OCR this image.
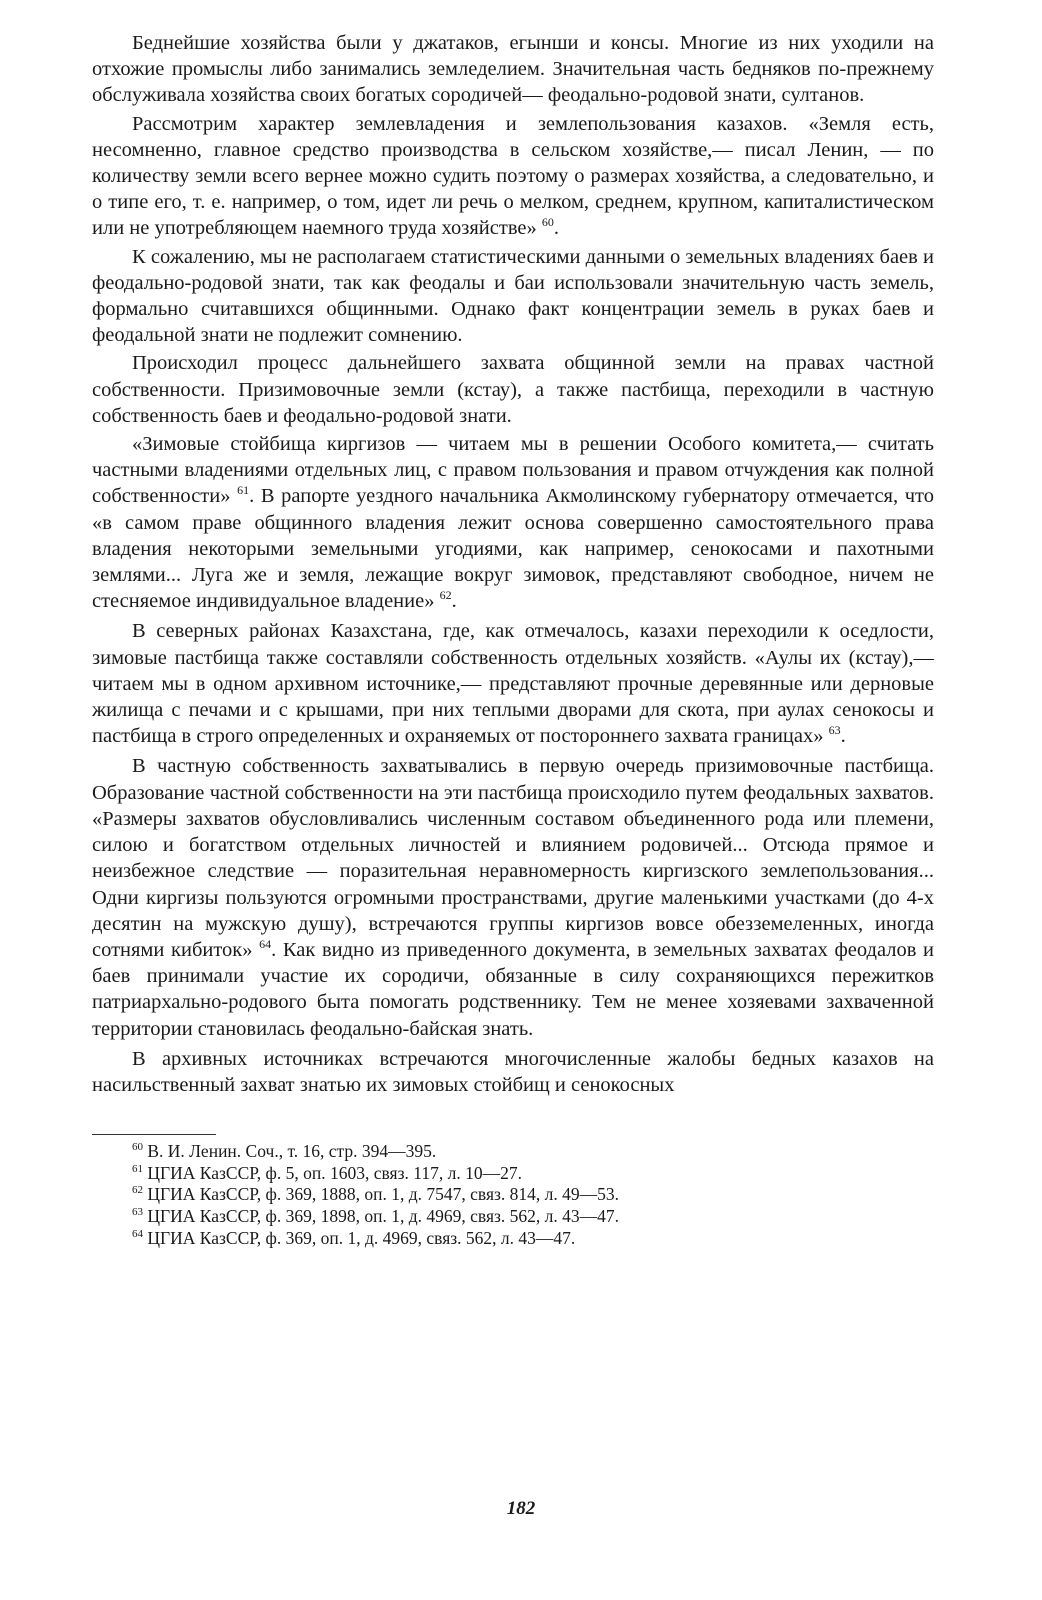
Беднейшие хозяйства были у джатаков, егынши и консы. Многие из них уходили на отхожие промыслы либо занимались земледелием. Значительная часть бедняков по-прежнему обслуживала хозяйства своих богатых сородичей— феодально-родовой знати, султанов.

Рассмотрим характер землевладения и землепользования казахов. «Земля есть, несомненно, главное средство производства в сельском хозяйстве,— писал Ленин, — по количеству земли всего вернее можно судить поэтому о размерах хозяйства, а следовательно, и о типе его, т. е. например, о том, идет ли речь о мелком, среднем, крупном, капиталистическом или не употребляющем наемного труда хозяйстве» $^{60}$.

К сожалению, мы не располагаем статистическими данными о земельных владениях баев и феодально-родовой знати, так как феодалы и баи использовали значительную часть земель, формально считавшихся общинными. Однако факт концентрации земель в руках баев и феодальной знати не подлежит сомнению.

Происходил процесс дальнейшего захвата общинной земли на правах частной собственности. Призимовочные земли (кстау), а также пастбища, переходили в частную собственность баев и феодально-родовой знати.

«Зимовые стойбища киргизов — читаем мы в решении Особого комитета,— считать частными владениями отдельных лиц, с правом пользования и правом отчуждения как полной собственности» $^{61}$. В рапорте уездного начальника Акмолинскому губернатору отмечается, что «в самом праве общинного владения лежит основа совершенно самостоятельного права владения некоторыми земельными угодиями, как например, сенокосами и пахотными землями... Луга же и земля, лежащие вокруг зимовок, представляют свободное, ничем не стесняемое индивидуальное владение» $^{62}$.

В северных районах Казахстана, где, как отмечалось, казахи переходили к оседлости, зимовые пастбища также составляли собственность отдельных хозяйств. «Аулы их (кстау),— читаем мы в одном архивном источнике,— представляют прочные деревянные или дерновые жилища с печами и с крышами, при них теплыми дворами для скота, при аулах сенокосы и пастбища в строго определенных и охраняемых от постороннего захвата границах» $^{63}$.

В частную собственность захватывались в первую очередь призимовочные пастбища. Образование частной собственности на эти пастбища происходило путем феодальных захватов. «Размеры захватов обусловливались численным составом объединенного рода или племени, силою и богатством отдельных личностей и влиянием родовичей... Отсюда прямое и неизбежное следствие — поразительная неравномерность киргизского землепользования... Одни киргизы пользуются огромными пространствами, другие маленькими участками (до 4-х десятин на мужскую душу), встречаются группы киргизов вовсе обезземеленных, иногда сотнями кибиток» $^{64}$. Как видно из приведенного документа, в земельных захватах феодалов и баев принимали участие их сородичи, обязанные в силу сохраняющихся пережитков патриархально-родового быта помогать родственнику. Тем не менее хозяевами захваченной территории становилась феодально-байская знать.

В архивных источниках встречаются многочисленные жалобы бедных казахов на насильственный захват знатью их зимовых стойбищ и сенокосных

$^{60}$ В. И. Ленин. Соч., т. 16, стр. 394—395.
$^{61}$ ЦГИА КазССР, ф. 5, оп. 1603, связ. 117, л. 10—27.
$^{62}$ ЦГИА КазССР, ф. 369, 1888, оп. 1, д. 7547, связ. 814, л. 49—53.
$^{63}$ ЦГИА КазССР, ф. 369, 1898, оп. 1, д. 4969, связ. 562, л. 43—47.
$^{64}$ ЦГИА КазССР, ф. 369, оп. 1, д. 4969, связ. 562, л. 43—47.
182
